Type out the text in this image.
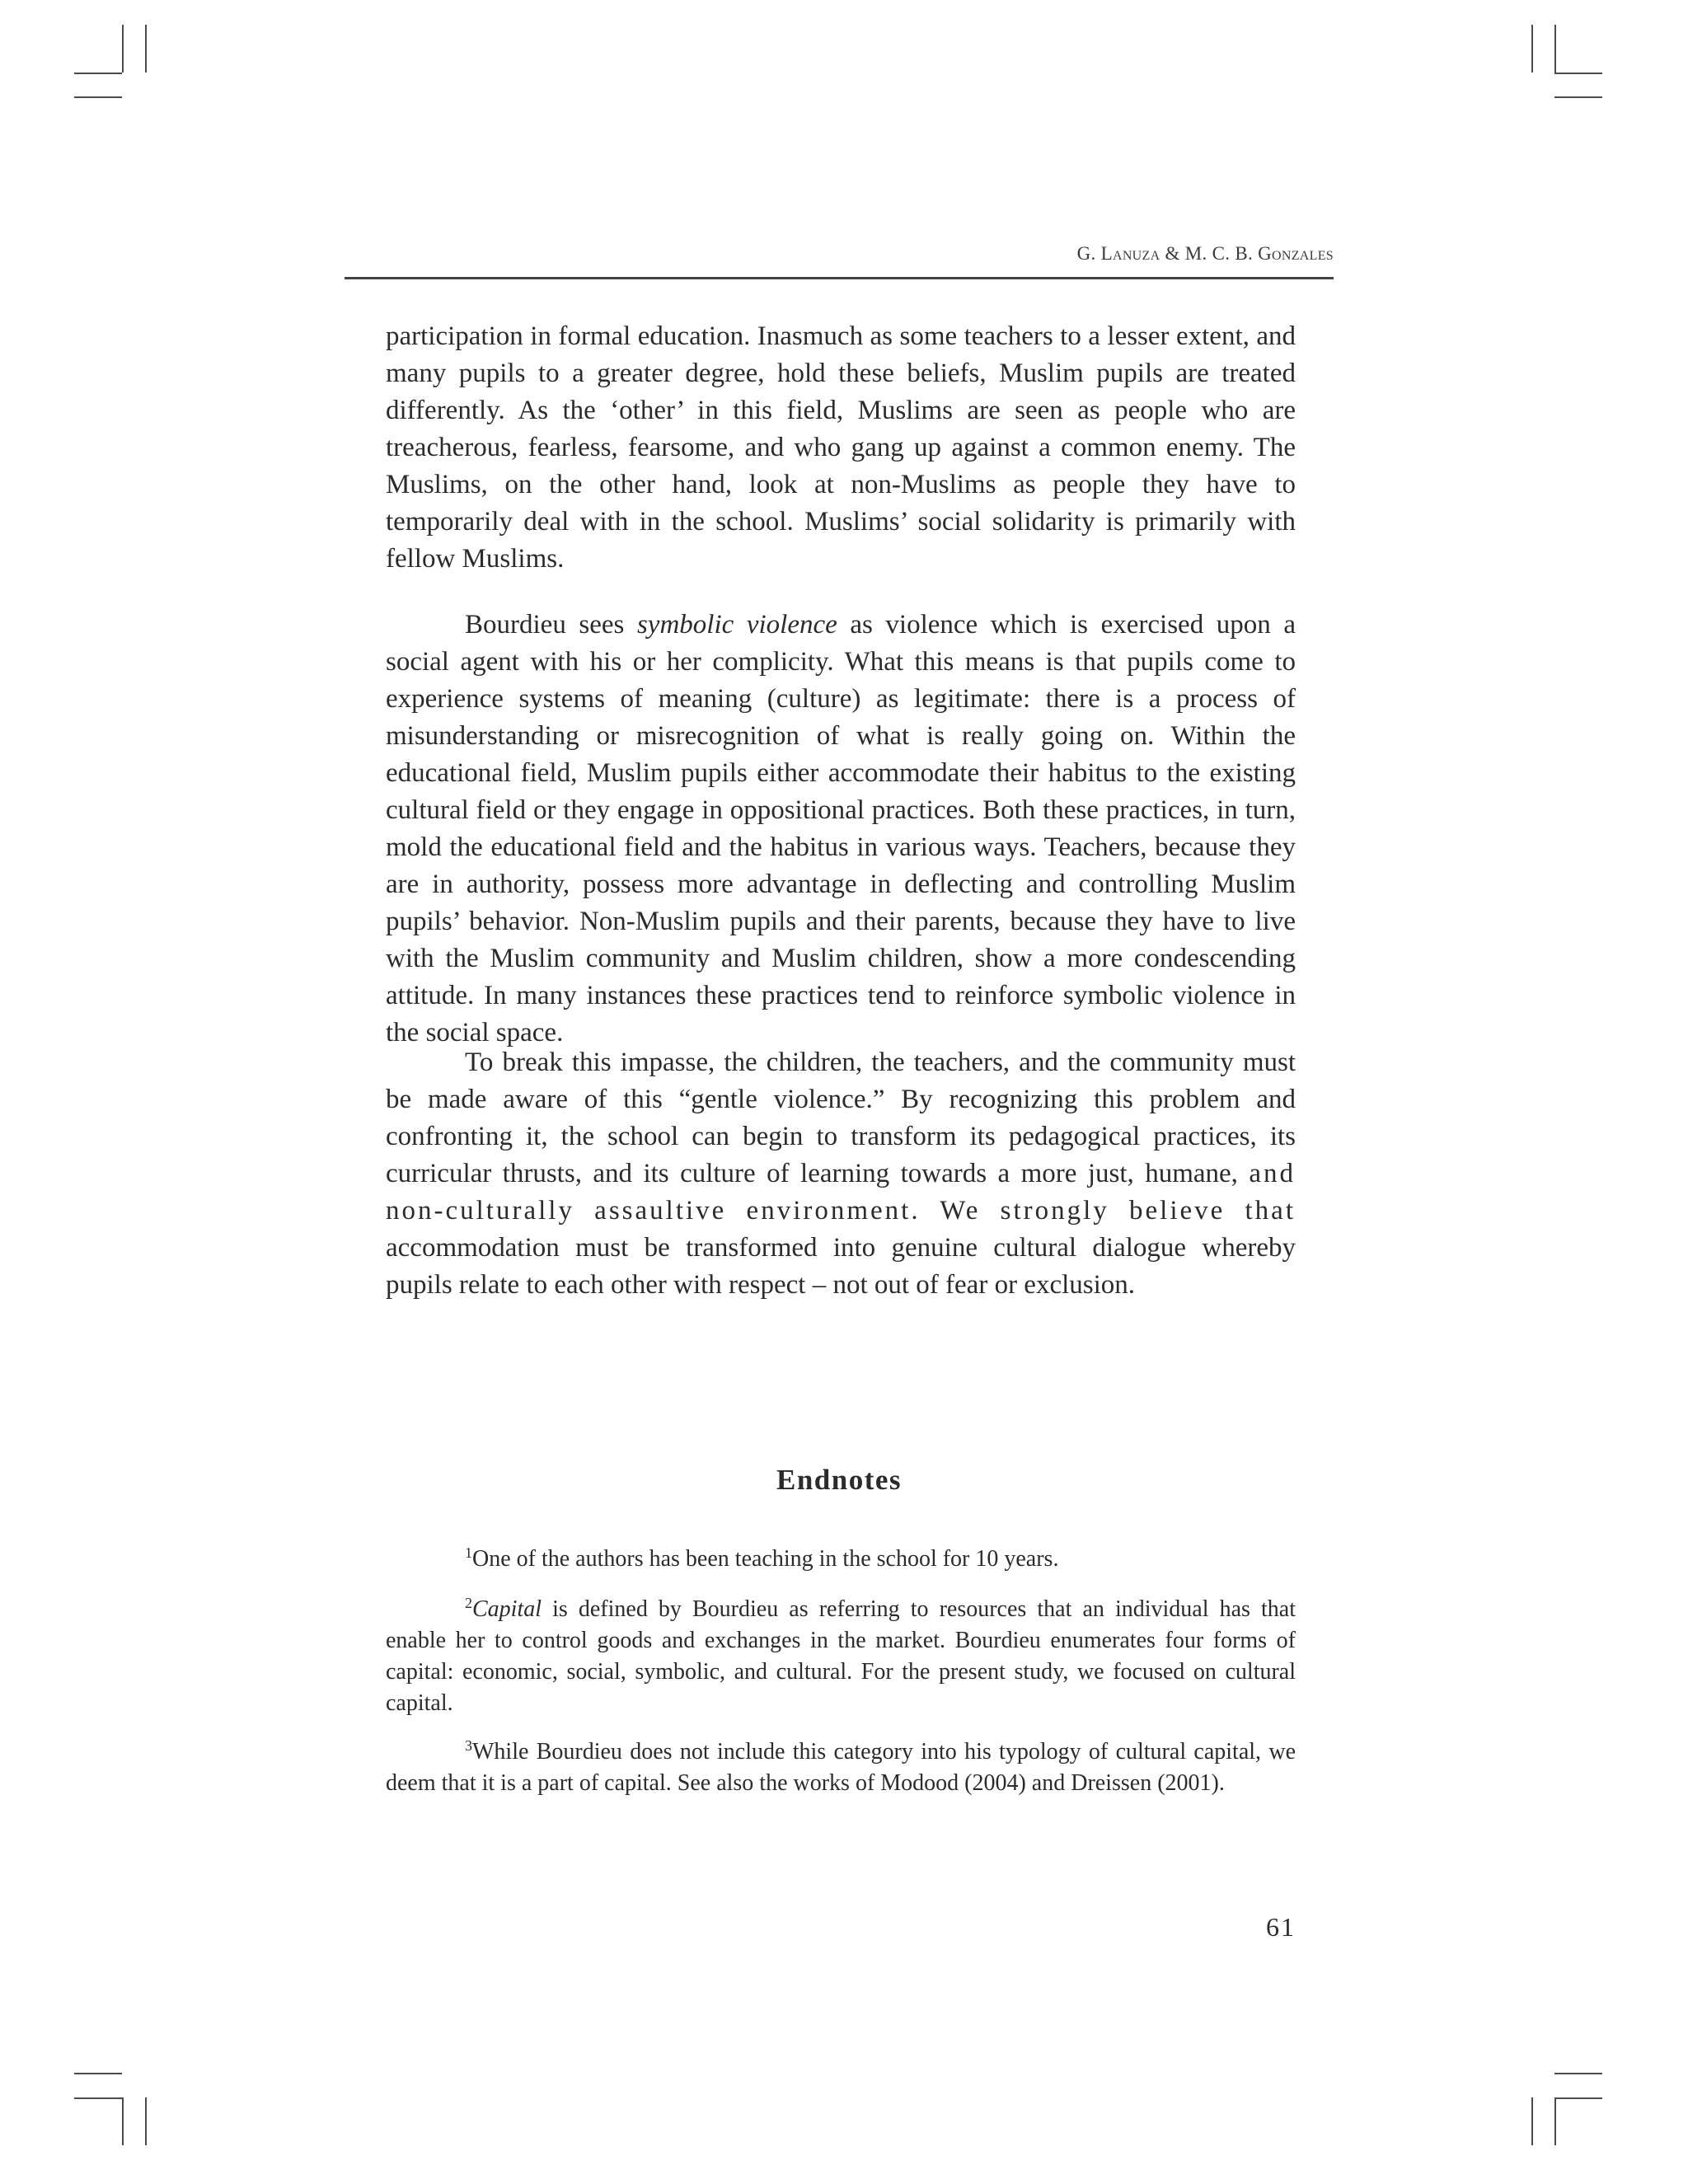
G. Lanuza & M. C. B. Gonzales

participation in formal education. Inasmuch as some teachers to a lesser extent, and many pupils to a greater degree, hold these beliefs, Muslim pupils are treated differently. As the ‘other’ in this field, Muslims are seen as people who are treacherous, fearless, fearsome, and who gang up against a common enemy. The Muslims, on the other hand, look at non-Muslims as people they have to temporarily deal with in the school. Muslims’ social solidarity is primarily with fellow Muslims.

Bourdieu sees symbolic violence as violence which is exercised upon a social agent with his or her complicity. What this means is that pupils come to experience systems of meaning (culture) as legitimate: there is a process of misunderstanding or misrecognition of what is really going on. Within the educational field, Muslim pupils either accommodate their habitus to the existing cultural field or they engage in oppositional practices. Both these practices, in turn, mold the educational field and the habitus in various ways. Teachers, because they are in authority, possess more advantage in deflecting and controlling Muslim pupils’ behavior. Non-Muslim pupils and their parents, because they have to live with the Muslim community and Muslim children, show a more condescending attitude. In many instances these practices tend to reinforce symbolic violence in the social space.

To break this impasse, the children, the teachers, and the community must be made aware of this “gentle violence.” By recognizing this problem and confronting it, the school can begin to transform its pedagogical practices, its curricular thrusts, and its culture of learning towards a more just, humane, and non-culturally assaultive environment. We strongly believe that accommodation must be transformed into genuine cultural dialogue whereby pupils relate to each other with respect – not out of fear or exclusion.

Endnotes

$^1$One of the authors has been teaching in the school for 10 years.

$^2$Capital is defined by Bourdieu as referring to resources that an individual has that enable her to control goods and exchanges in the market. Bourdieu enumerates four forms of capital: economic, social, symbolic, and cultural. For the present study, we focused on cultural capital.

$^3$While Bourdieu does not include this category into his typology of cultural capital, we deem that it is a part of capital. See also the works of Modood (2004) and Dreissen (2001).

61
